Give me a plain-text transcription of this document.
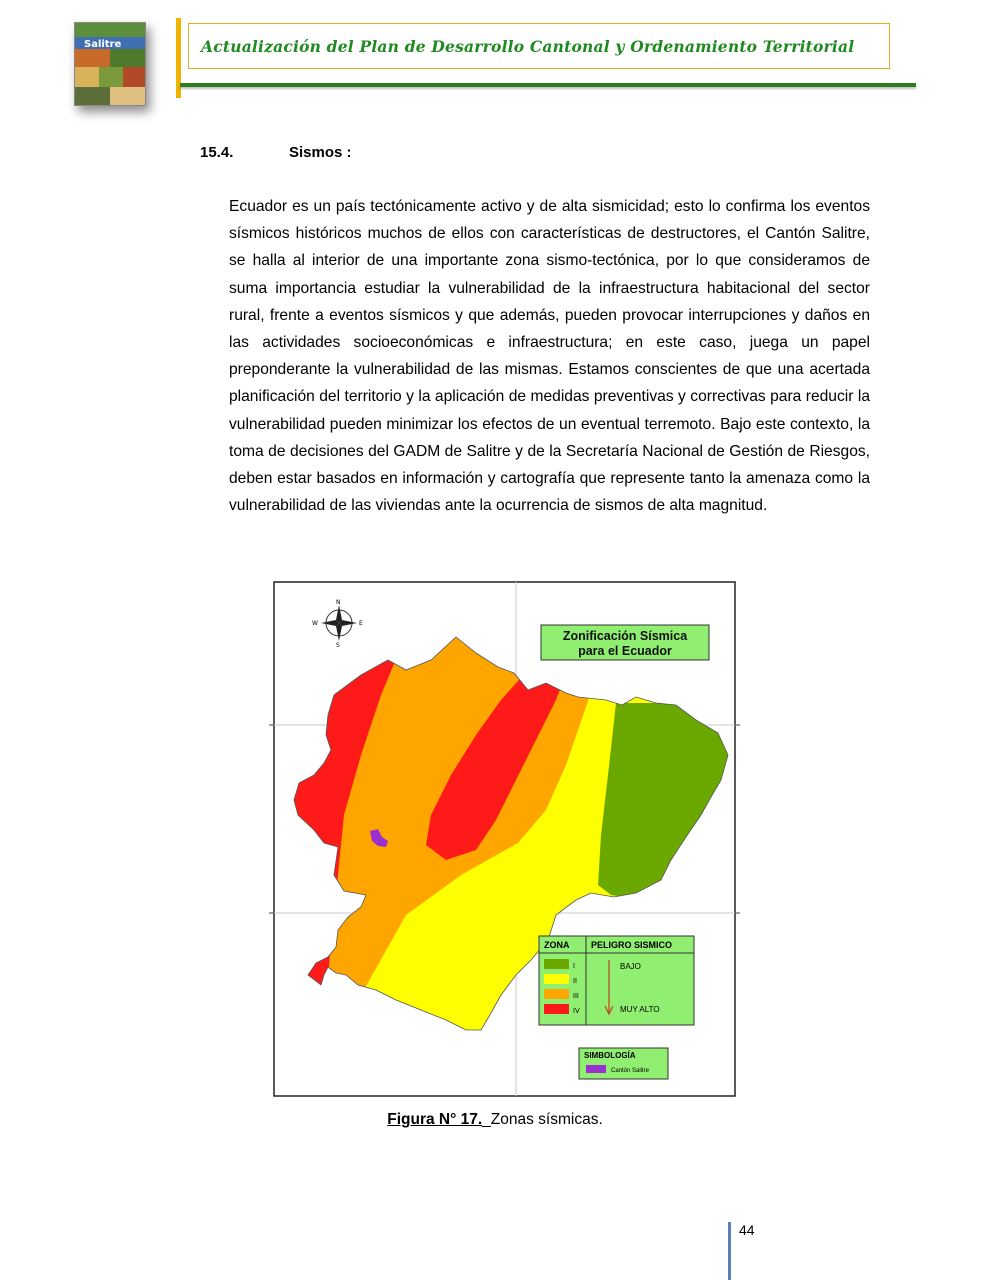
Salitre	Actualización del Plan de Desarrollo Cantonal y Ordenamiento Territorial
15.4.	Sismos :

Ecuador es un país tectónicamente activo y de alta sismicidad; esto lo confirma los eventos sísmicos históricos muchos de ellos con características de destructores, el Cantón Salitre, se halla al interior de una importante zona sismo-tectónica, por lo que consideramos de suma importancia estudiar la vulnerabilidad de la infraestructura habitacional del sector rural, frente a eventos sísmicos y que además, pueden provocar interrupciones y daños en las actividades socioeconómicas e infraestructura; en este caso, juega un papel preponderante la vulnerabilidad de las mismas. Estamos conscientes de que una acertada planificación del territorio y la aplicación de medidas preventivas y correctivas para reducir la vulnerabilidad pueden minimizar los efectos de un eventual terremoto. Bajo este contexto, la toma de decisiones del GADM de Salitre y de la Secretaría Nacional de Gestión de Riesgos, deben estar basados en información y cartografía que represente tanto la amenaza como la vulnerabilidad de las viviendas ante la ocurrencia de sismos de alta magnitud.

N
S
E
W
Zonificación Sísmica
para el Ecuador
ZONA PELIGRO SISMICO
I
II
III
IV
BAJO
MUY ALTO
SIMBOLOGÍA
Cantón Salitre
Figura N° 17._Zonas sísmicas.
44
